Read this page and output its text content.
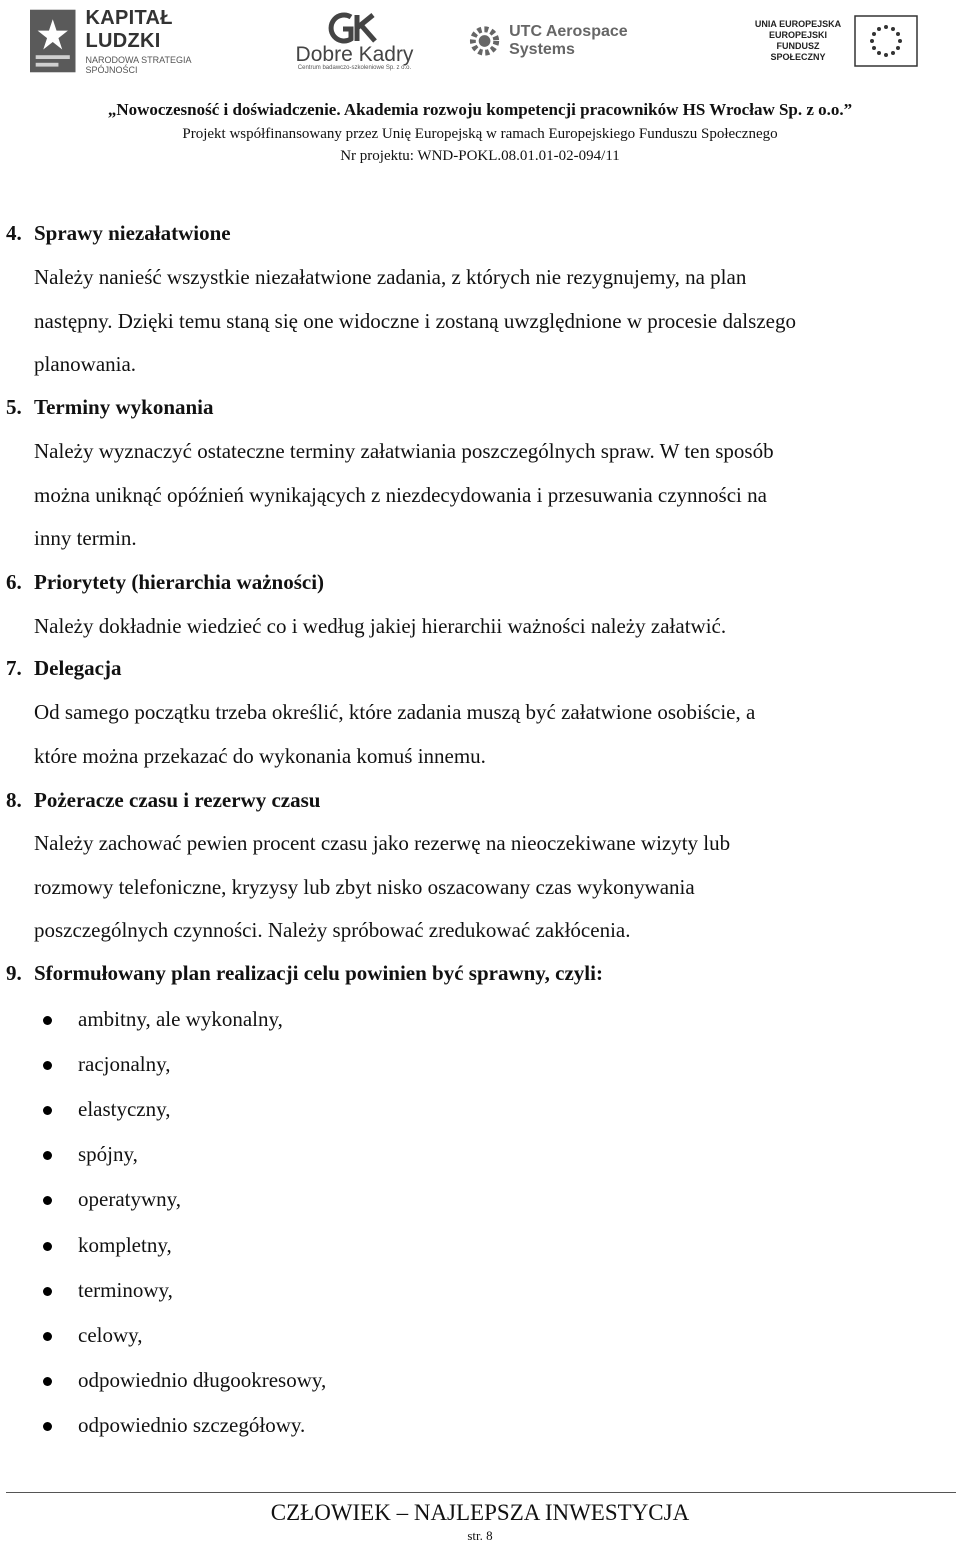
KAPITAŁ LUDZKI
NARODOWA STRATEGIA SPÓJNOŚCI
Dobre Kadry
Centrum badawczo-szkoleniowe Sp. z o.o.
UTC Aerospace Systems
UNIA EUROPEJSKA
EUROPEJSKI
FUNDUSZ SPOŁECZNY
„Nowoczesność i doświadczenie. Akademia rozwoju kompetencji pracowników HS Wrocław Sp. z o.o.”
Projekt współfinansowany przez Unię Europejską w ramach Europejskiego Funduszu Społecznego
Nr projektu: WND-POKL.08.01.01-02-094/11
4. Sprawy niezałatwione
Należy nanieść wszystkie niezałatwione zadania, z których nie rezygnujemy, na plan
następny. Dzięki temu staną się one widoczne i zostaną uwzględnione w procesie dalszego
planowania.
5. Terminy wykonania
Należy wyznaczyć ostateczne terminy załatwiania poszczególnych spraw. W ten sposób
można uniknąć opóźnień wynikających z niezdecydowania i przesuwania czynności na
inny termin.
6. Priorytety (hierarchia ważności)
Należy dokładnie wiedzieć co i według jakiej hierarchii ważności należy załatwić.
7. Delegacja
Od samego początku trzeba określić, które zadania muszą być załatwione osobiście, a
które można przekazać do wykonania komuś innemu.
8. Pożeracze czasu i rezerwy czasu
Należy zachować pewien procent czasu jako rezerwę na nieoczekiwane wizyty lub
rozmowy telefoniczne, kryzysy lub zbyt nisko oszacowany czas wykonywania
poszczególnych czynności. Należy spróbować zredukować zakłócenia.
9. Sformułowany plan realizacji celu powinien być sprawny, czyli:
ambitny, ale wykonalny,
racjonalny,
elastyczny,
spójny,
operatywny,
kompletny,
terminowy,
celowy,
odpowiednio długookresowy,
odpowiednio szczegółowy.
CZŁOWIEK – NAJLEPSZA INWESTYCJA
str. 8
